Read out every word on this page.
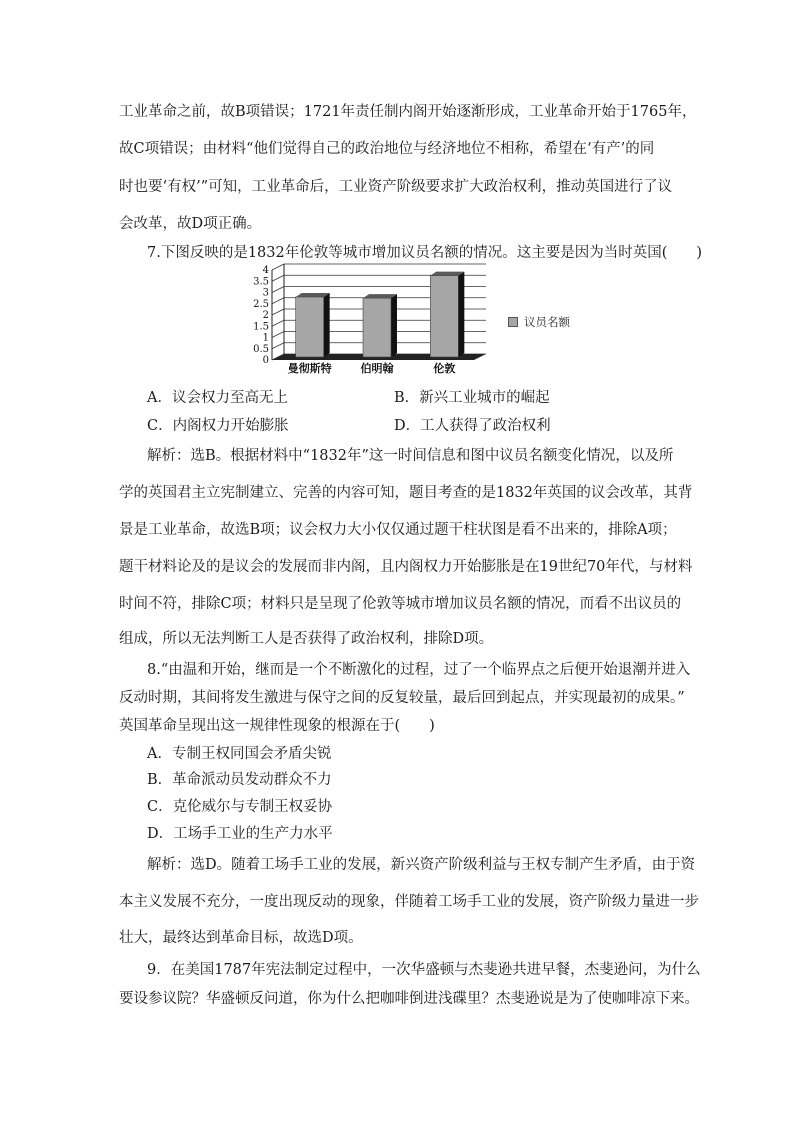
工业革命之前，故B项错误；1721年责任制内阁开始逐渐形成，工业革命开始于1765年，
故C项错误；由材料“他们觉得自己的政治地位与经济地位不相称，希望在‘有产’的同
时也要‘有权’”可知，工业革命后，工业资产阶级要求扩大政治权利，推动英国进行了议
会改革，故D项正确。
7.下图反映的是1832年伦敦等城市增加议员名额的情况。这主要是因为当时英国(　　)
0
0.5
1
1.5
2
2.5
3
3.5
4
曼彻斯特	伯明翰	伦敦
议员名额
A．议会权力至高无上	B．新兴工业城市的崛起
C．内阁权力开始膨胀	D．工人获得了政治权利
解析：选B。根据材料中“1832年”这一时间信息和图中议员名额变化情况，以及所
学的英国君主立宪制建立、完善的内容可知，题目考查的是1832年英国的议会改革，其背
景是工业革命，故选B项；议会权力大小仅仅通过题干柱状图是看不出来的，排除A项；
题干材料论及的是议会的发展而非内阁，且内阁权力开始膨胀是在19世纪70年代，与材料
时间不符，排除C项；材料只是呈现了伦敦等城市增加议员名额的情况，而看不出议员的
组成，所以无法判断工人是否获得了政治权利，排除D项。
8.“由温和开始，继而是一个不断激化的过程，过了一个临界点之后便开始退潮并进入
反动时期，其间将发生激进与保守之间的反复较量，最后回到起点，并实现最初的成果。”
英国革命呈现出这一规律性现象的根源在于(　　)
A．专制王权同国会矛盾尖锐
B．革命派动员发动群众不力
C．克伦威尔与专制王权妥协
D．工场手工业的生产力水平
解析：选D。随着工场手工业的发展，新兴资产阶级利益与王权专制产生矛盾，由于资
本主义发展不充分，一度出现反动的现象，伴随着工场手工业的发展，资产阶级力量进一步
壮大，最终达到革命目标，故选D项。
9．在美国1787年宪法制定过程中，一次华盛顿与杰斐逊共进早餐，杰斐逊问，为什么
要设参议院？华盛顿反问道，你为什么把咖啡倒进浅碟里？杰斐逊说是为了使咖啡凉下来。
